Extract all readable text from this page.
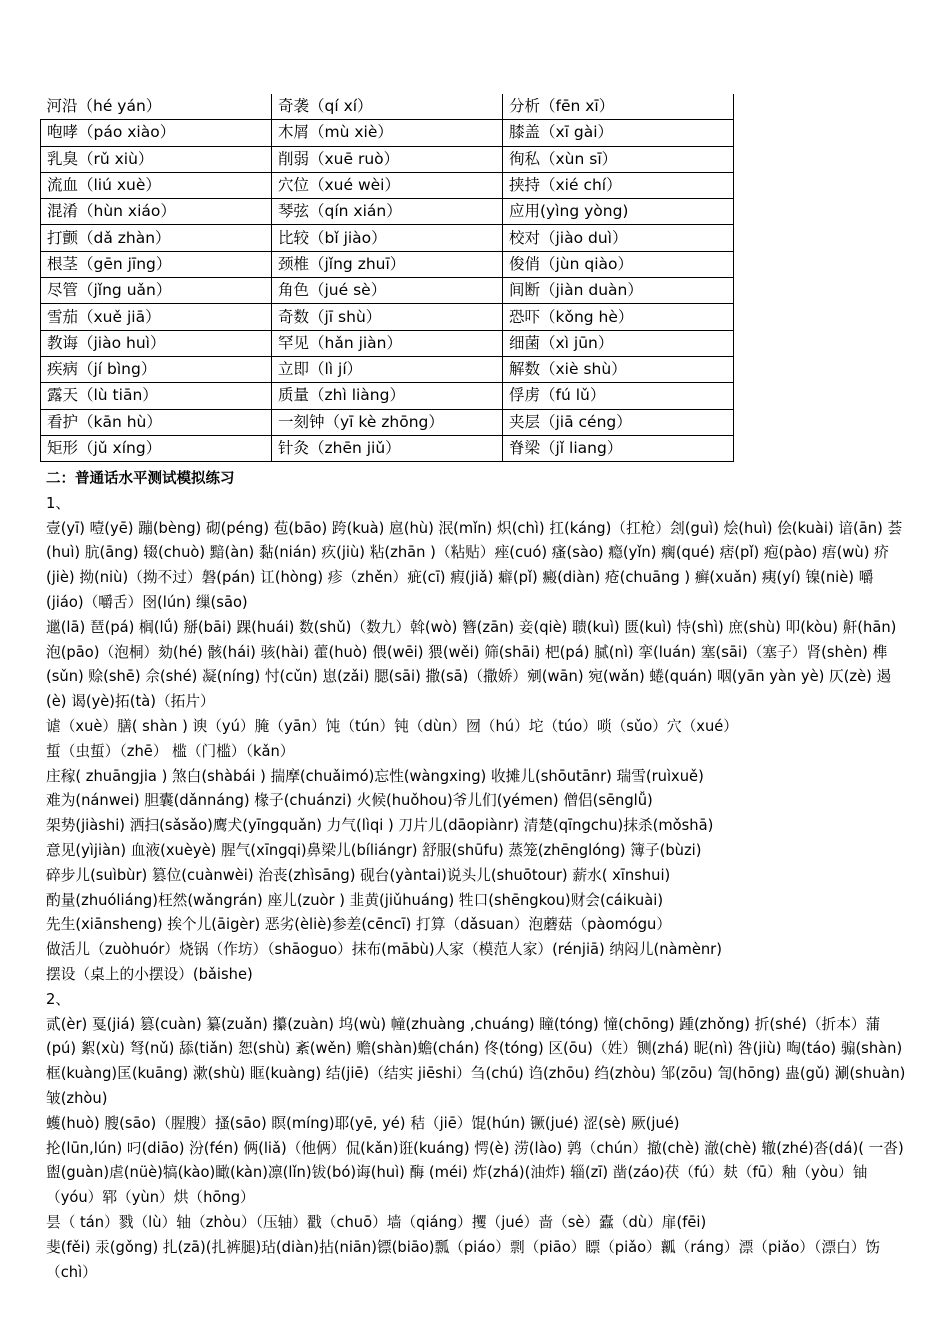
河沿（hé yán）	奇袭（qí xí）	分析（fēn xī）
咆哮（páo xiào）	木屑（mù xiè）	膝盖（xī gài）
乳臭（rǔ xiù）	削弱（xuē ruò）	徇私（xùn sī）
流血（liú xuè）	穴位（xué wèi）	挟持（xié chí）
混淆（hùn xiáo）	琴弦（qín xián）	应用(yìng yòng)
打颤（dǎ zhàn）	比较（bǐ jiào）	校对（jiào duì）
根茎（gēn jīng）	颈椎（jǐng zhuī）	俊俏（jùn qiào）
尽管（jǐng uǎn）	角色（jué sè）	间断（jiàn duàn）
雪茄（xuě jiā）	奇数（jī shù）	恐吓（kǒng hè）
教诲（jiào huì）	罕见（hǎn jiàn）	细菌（xì jūn）
疾病（jí bìng）	立即（lì jí）	解数（xiè shù）
露天（lù tiān）	质量（zhì liàng）	俘虏（fú lǔ）
看护（kān hù）	一刻钟（yī kè zhōng）	夹层（jiā céng）
矩形（jǔ xíng）	针灸（zhēn jiǔ）	脊梁（jǐ liang）
二：普通话水平测试模拟练习
1、
壹(yī) 噎(yē) 蹦(bèng) 砌(péng) 苞(bāo) 跨(kuà) 扈(hù) 泯(mǐn) 炽(chì) 扛(káng)（扛枪）刽(guì) 烩(huì) 侩(kuài) 谙(ān) 荟(huì) 肮(āng) 辍(chuò) 黯(àn) 黏(nián) 疚(jiù) 粘(zhān )（粘贴）痤(cuó) 瘙(sào) 瘾(yǐn) 瘸(qué) 痞(pǐ) 疱(pào) 痦(wù) 疥(jiè) 拗(niù)（拗不过）磐(pán) 讧(hòng) 疹（zhěn）疵(cī) 瘕(jiǎ) 癖(pǐ) 癜(diàn) 疮(chuāng ) 癣(xuǎn) 痍(yí) 镍(niè) 嚼(jiáo)（嚼舌）囹(lún) 缫(sāo)
邋(lā) 琶(pá) 榈(lǘ) 掰(bāi) 踝(huái) 数(shǔ)（数九）斡(wò) 簪(zān) 妾(qiè) 聩(kuì) 匮(kuì) 恃(shì) 庶(shù) 叩(kòu) 鼾(hān) 泡(pāo)（泡桐）劾(hé) 骸(hái) 骇(hài) 藿(huò) 偎(wēi) 猥(wěi) 筛(shāi) 杷(pá) 腻(nì) 挛(luán) 塞(sāi)（塞子）肾(shèn) 榫(sǔn) 赊(shē) 佘(shé) 凝(níng) 忖(cǔn) 崽(zǎi) 腮(sāi) 撒(sā)（撒娇）剜(wān) 宛(wǎn) 蜷(quán) 咽(yān yàn yè) 仄(zè) 遏(è) 谒(yè)拓(tà)（拓片）
谑（xuè）膳( shàn ) 谀（yú）腌（yān）饨（tún）钝（dùn）囫（hú）坨（túo）唢（sǔo）穴（xué）
蜇（虫蜇）（zhē） 槛（门槛）（kǎn）
庄稼( zhuāngjia ) 煞白(shàbái ) 揣摩(chuǎimó)忘性(wàngxing) 收摊儿(shōutānr) 瑞雪(ruìxuě)
难为(nánwei) 胆囊(dǎnnáng) 椽子(chuánzi) 火候(huǒhou)爷儿们(yémen) 僧侣(sēnglǚ)
架势(jiàshi) 洒扫(sǎsǎo)鹰犬(yīngquǎn) 力气(lìqi ) 刀片儿(dāopiànr) 清楚(qīngchu)抹杀(mǒshā)
意见(yìjiàn) 血液(xuèyè) 腥气(xīngqi)鼻梁儿(bíliángr) 舒服(shūfu) 蒸笼(zhēnglóng) 簿子(bùzi)
碎步儿(suìbùr) 篡位(cuànwèi) 治丧(zhìsāng) 砚台(yàntai)说头儿(shuōtour) 薪水( xīnshui)
酌量(zhuóliáng)枉然(wǎngrán) 座儿(zuòr ) 韭黄(jiǔhuáng) 牲口(shēngkou)财会(cáikuài)
先生(xiānsheng) 挨个儿(āigèr) 恶劣(èliè)参差(cēncī) 打算（dǎsuan）泡蘑菇（pàomógu）
做活儿（zuòhuór）烧锅（作坊）（shāoguo）抹布(mābù)人家（模范人家）(rénjiā) 纳闷儿(nàmènr)
摆设（桌上的小摆设）(bǎishe)
2、
贰(èr) 戛(jiá) 篡(cuàn) 纂(zuǎn) 攥(zuàn) 坞(wù) 幢(zhuàng ,chuáng) 瞳(tóng) 憧(chōng) 踵(zhǒng) 折(shé)（折本）蒲(pú) 絮(xù) 弩(nǔ) 舔(tiǎn) 恕(shù) 紊(wěn) 赡(shàn)蟾(chán) 佟(tóng) 区(ōu)（姓）铡(zhá) 昵(nì) 咎(jiù) 啕(táo) 骟(shàn) 框(kuàng)匡(kuāng) 漱(shù) 眶(kuàng) 结(jiē)（结实 jiēshi）刍(chú) 诌(zhōu) 绉(zhòu) 邹(zōu) 訇(hōng) 蛊(gǔ) 涮(shuàn)皱(zhòu)
蠖(huò) 膄(sāo)（腥膄）搔(sāo) 瞑(míng)耶(yē, yé) 秸（jiē）馄(hún) 镢(jué) 涩(sè) 厥(jué)
抡(lūn,lún) 叼(diāo) 汾(fén) 俩(liǎ)（他俩）侃(kǎn)诳(kuáng) 愕(è) 涝(lào) 鹑（chún）撤(chè) 澈(chè) 辙(zhé)沓(dá)( 一沓) 盥(guàn)虐(nüè)犒(kào)瞰(kàn)凛(lǐn)钹(bó)诲(huì) 酶 (méi) 炸(zhá)(油炸) 辎(zī) 凿(záo)茯（fú）麸（fū）釉（yòu）铀（yóu）郓（yùn）烘（hōng）
昙（ tán）戮（lù）轴（zhòu）（压轴）戳（chuō）墙（qiáng）攫（jué）啬（sè）蠹（dù）扉(fēi)
斐(fěi) 汞(gǒng) 扎(zā)(扎裤腿)玷(diàn)拈(niān)镖(biāo)瓢（piáo）剽（piāo）瞟（piǎo）瓤（ráng）漂（piǎo）（漂白）饬（chì）
